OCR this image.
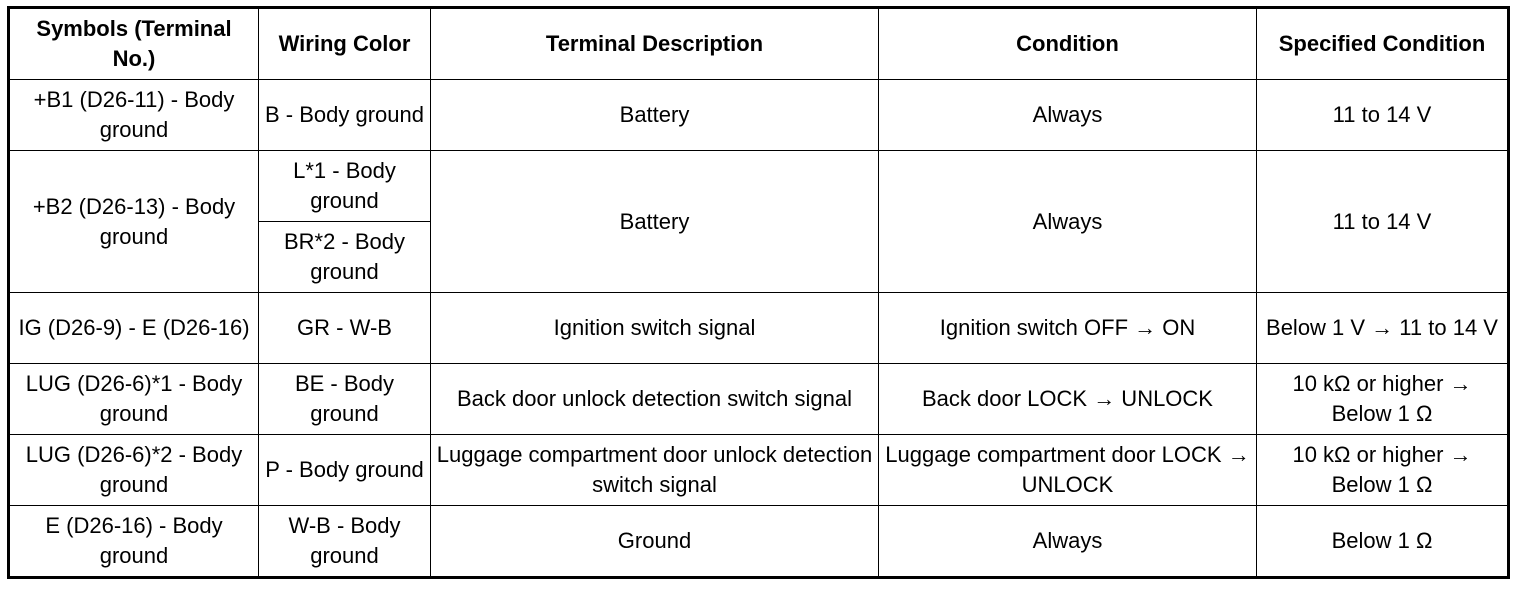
Symbols (Terminal No.)	Wiring Color	Terminal Description	Condition	Specified Condition
+B1 (D26-11) - Body ground	B - Body ground	Battery	Always	11 to 14 V
+B2 (D26-13) - Body ground	L*1 - Body ground	Battery	Always	11 to 14 V
	BR*2 - Body ground			
IG (D26-9) - E (D26-16)	GR - W-B	Ignition switch signal	Ignition switch OFF → ON	Below 1 V → 11 to 14 V
LUG (D26-6)*1 - Body ground	BE - Body ground	Back door unlock detection switch signal	Back door LOCK → UNLOCK	10 kΩ or higher → Below 1 Ω
LUG (D26-6)*2 - Body ground	P - Body ground	Luggage compartment door unlock detection switch signal	Luggage compartment door LOCK → UNLOCK	10 kΩ or higher → Below 1 Ω
E (D26-16) - Body ground	W-B - Body ground	Ground	Always	Below 1 Ω
